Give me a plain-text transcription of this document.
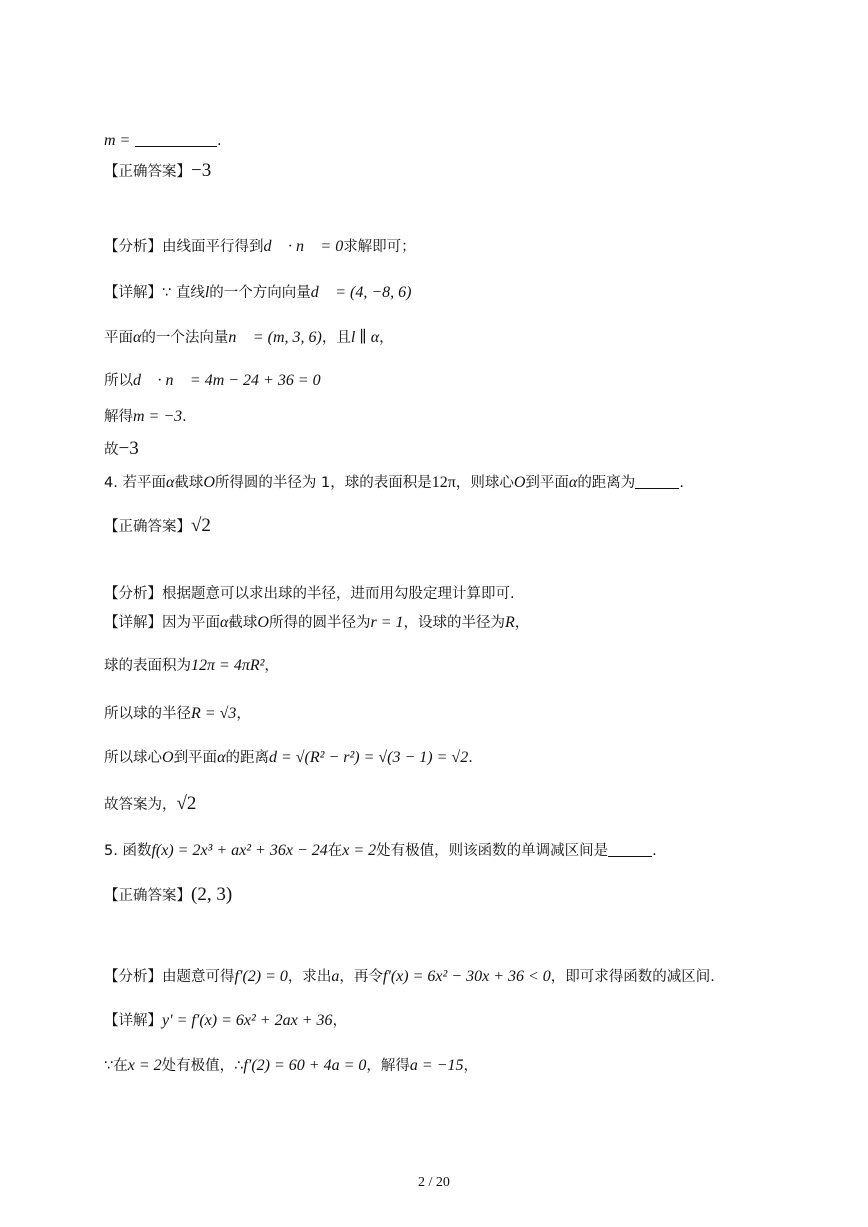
m =	.
【正确答案】−3
【分析】由线面平行得到d⃗ · n⃗ = 0求解即可；
【详解】∵ 直线l的一个方向向量d⃗ = (4, −8, 6)
平面α的一个法向量n⃗ = (m, 3, 6)，且l ∥ α，
所以d⃗ · n⃗ = 4m − 24 + 36 = 0
解得m = −3.
故−3
4. 若平面α截球O所得圆的半径为 1，球的表面积是12π，则球心O到平面α的距离为	.
【正确答案】√2
【分析】根据题意可以求出球的半径，进而用勾股定理计算即可.
【详解】因为平面α截球O所得的圆半径为r = 1，设球的半径为R，
球的表面积为12π = 4πR²，
所以球的半径R = √3，
所以球心O到平面α的距离d = √(R² − r²) = √(3 − 1) = √2.
故答案为，√2
5. 函数f(x) = 2x³ + ax² + 36x − 24在x = 2处有极值，则该函数的单调减区间是	.
【正确答案】(2, 3)
【分析】由题意可得f′(2) = 0，求出a，再令f′(x) = 6x² − 30x + 36 < 0，即可求得函数的减区间.
【详解】y′ = f′(x) = 6x² + 2ax + 36，
∵在x = 2处有极值，∴f′(2) = 60 + 4a = 0，解得a = −15，
2 / 20
